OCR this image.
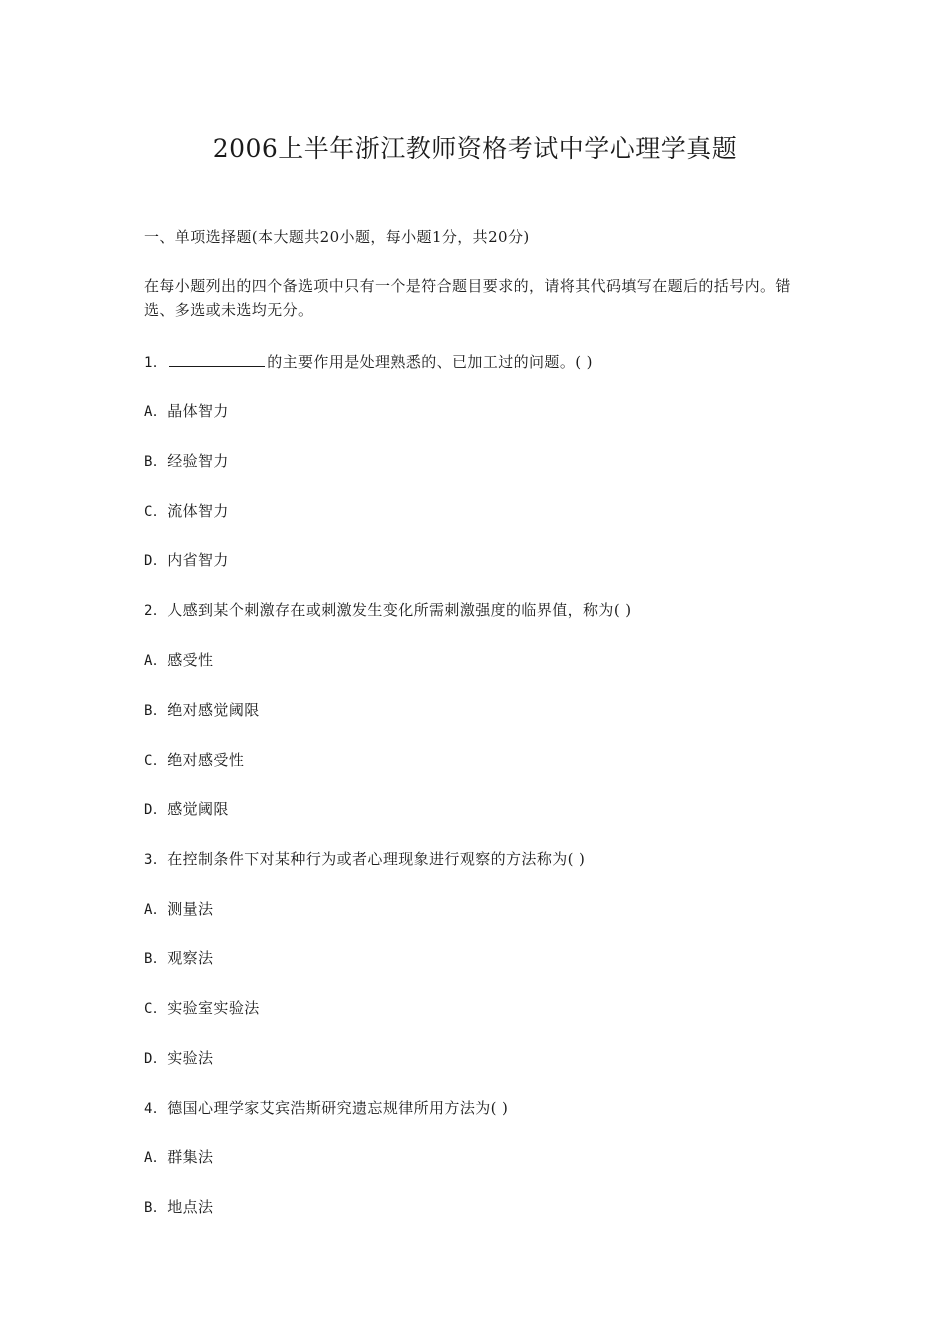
2006上半年浙江教师资格考试中学心理学真题
一、单项选择题(本大题共20小题，每小题1分，共20分)
在每小题列出的四个备选项中只有一个是符合题目要求的，请将其代码填写在题后的括号内。错选、多选或未选均无分。
1．	的主要作用是处理熟悉的、已加工过的问题。( )
A．晶体智力
B．经验智力
C．流体智力
D．内省智力
2．人感到某个刺激存在或刺激发生变化所需刺激强度的临界值，称为( )
A．感受性
B．绝对感觉阈限
C．绝对感受性
D．感觉阈限
3．在控制条件下对某种行为或者心理现象进行观察的方法称为( )
A．测量法
B．观察法
C．实验室实验法
D．实验法
4．德国心理学家艾宾浩斯研究遗忘规律所用方法为( )
A．群集法
B．地点法
